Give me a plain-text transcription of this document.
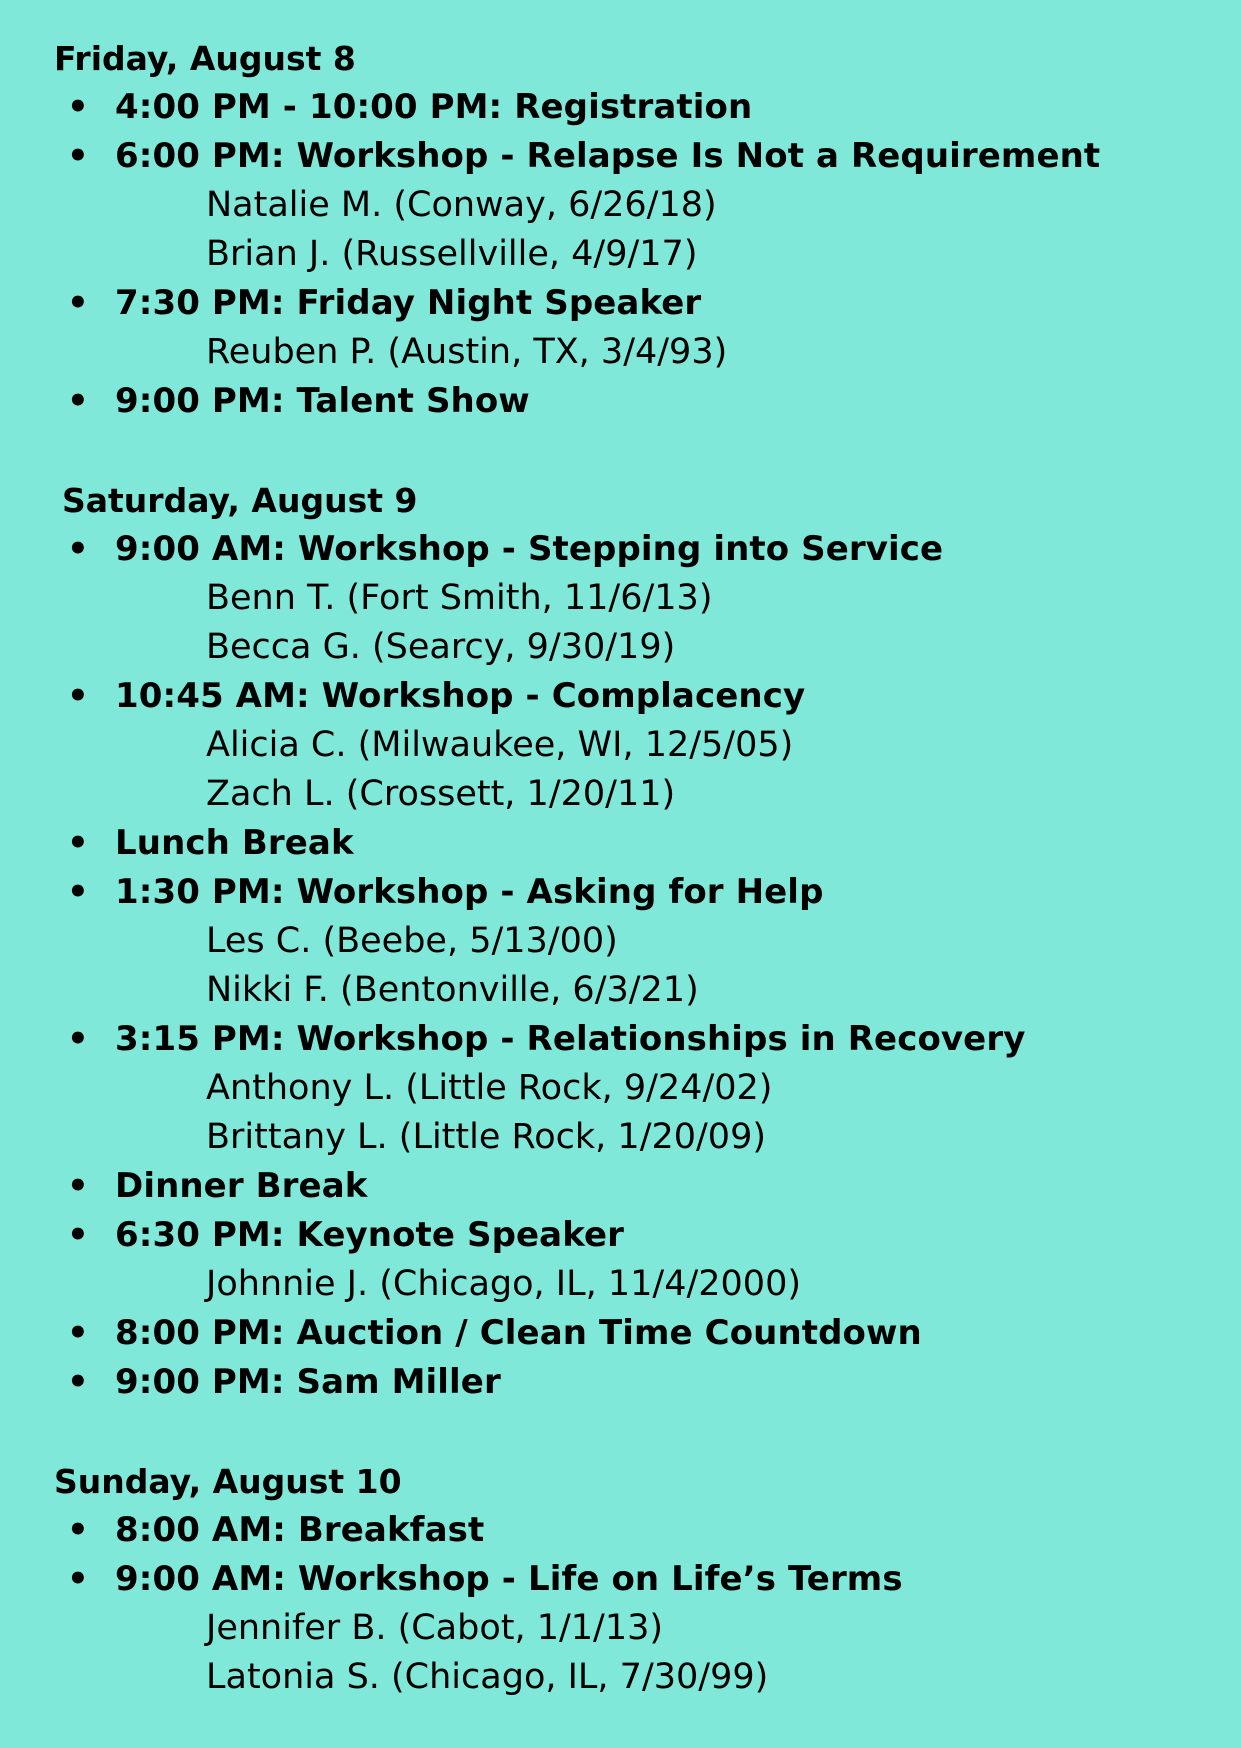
Friday, August 8
• 4:00 PM - 10:00 PM: Registration
• 6:00 PM: Workshop - Relapse Is Not a Requirement
Natalie M. (Conway, 6/26/18)
Brian J. (Russellville, 4/9/17)
• 7:30 PM: Friday Night Speaker
Reuben P. (Austin, TX, 3/4/93)
• 9:00 PM: Talent Show
Saturday, August 9
• 9:00 AM: Workshop - Stepping into Service
Benn T. (Fort Smith, 11/6/13)
Becca G. (Searcy, 9/30/19)
• 10:45 AM: Workshop - Complacency
Alicia C. (Milwaukee, WI, 12/5/05)
Zach L. (Crossett, 1/20/11)
• Lunch Break
• 1:30 PM: Workshop - Asking for Help
Les C. (Beebe, 5/13/00)
Nikki F. (Bentonville, 6/3/21)
• 3:15 PM: Workshop - Relationships in Recovery
Anthony L. (Little Rock, 9/24/02)
Brittany L. (Little Rock, 1/20/09)
• Dinner Break
• 6:30 PM: Keynote Speaker
Johnnie J. (Chicago, IL, 11/4/2000)
• 8:00 PM: Auction / Clean Time Countdown
• 9:00 PM: Sam Miller
Sunday, August 10
• 8:00 AM: Breakfast
• 9:00 AM: Workshop - Life on Life’s Terms
Jennifer B. (Cabot, 1/1/13)
Latonia S. (Chicago, IL, 7/30/99)
